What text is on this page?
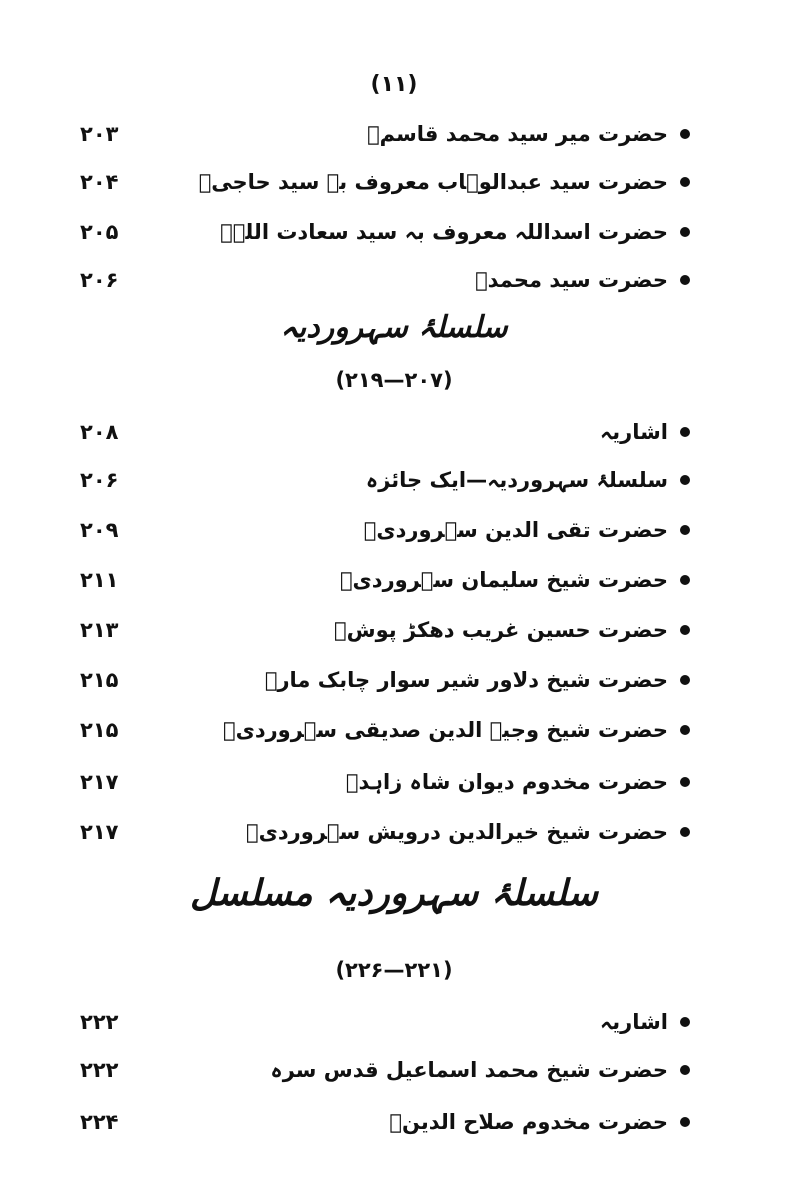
(۱۱)
حضرت میر سید محمد قاسمؒ
۲۰۳
حضرت سید عبدالوہاب معروف بہ سید حاجیؒ
۲۰۴
حضرت اسداللہ معروف بہ سید سعادت اللہؒ
۲۰۵
حضرت سید محمدؒ
۲۰۶
سلسلۂ سہروردیہ
(۲۰۷—۲۱۹)
اشاریہ
۲۰۸
سلسلۂ سہروردیہ—ایک جائزہ
۲۰۶
حضرت تقی الدین سہروردیؒ
۲۰۹
حضرت شیخ سلیمان سہروردیؒ
۲۱۱
حضرت حسین غریب دھکڑ پوشؒ
۲۱۳
حضرت شیخ دلاور شیر سوار چابک مارؒ
۲۱۵
حضرت شیخ وجیہ الدین صدیقی سہروردیؒ
۲۱۵
حضرت مخدوم دیوان شاہ زاہدؒ
۲۱۷
حضرت شیخ خیرالدین درویش سہروردیؒ
۲۱۷
سلسلۂ سہروردیہ مسلسل
(۲۲۱—۲۲۶)
اشاریہ
۲۲۲
حضرت شیخ محمد اسماعیل قدس سرہ
۲۲۲
حضرت مخدوم صلاح الدینؒ
۲۲۴
